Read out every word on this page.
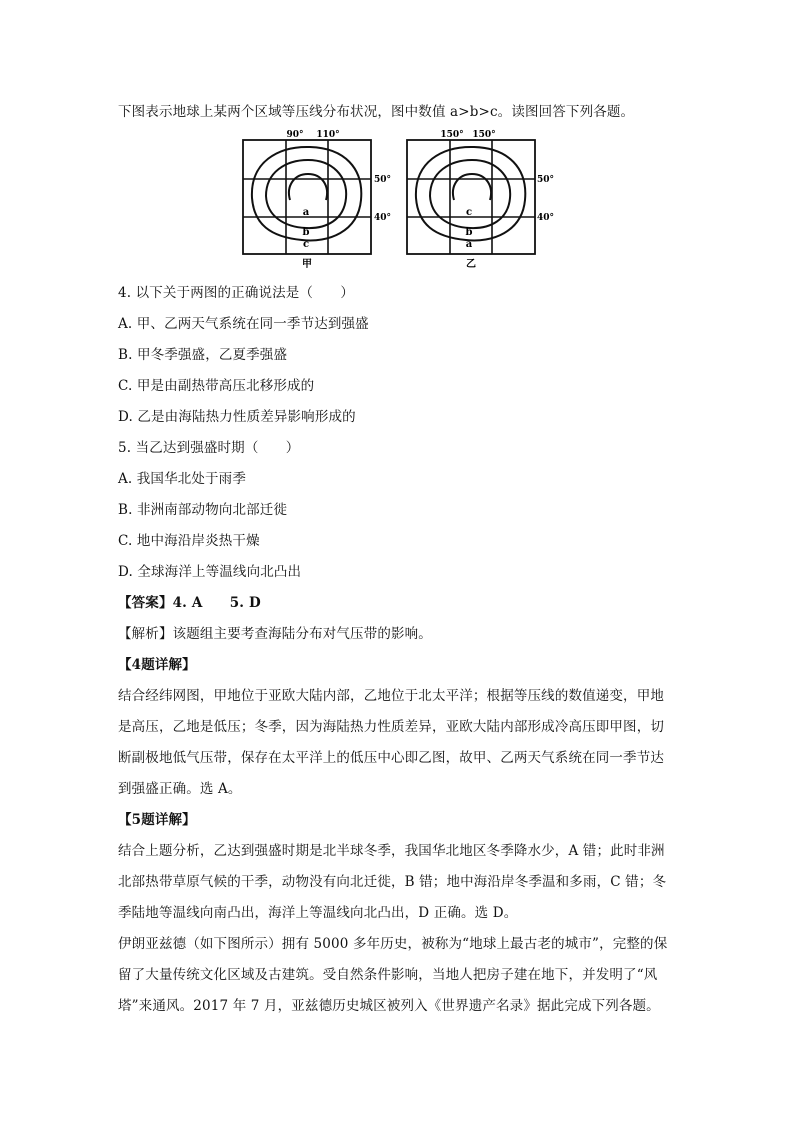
下图表示地球上某两个区域等压线分布状况，图中数值 a>b>c。读图回答下列各题。
90° 110°
50°
40°
a
b
c
甲
150° 150°
50°
40°
c
b
a
乙
4. 以下关于两图的正确说法是（　　）
A. 甲、乙两天气系统在同一季节达到强盛
B. 甲冬季强盛，乙夏季强盛
C. 甲是由副热带高压北移形成的
D. 乙是由海陆热力性质差异影响形成的
5. 当乙达到强盛时期（　　）
A. 我国华北处于雨季
B. 非洲南部动物向北部迁徙
C. 地中海沿岸炎热干燥
D. 全球海洋上等温线向北凸出
【答案】4. A　　5. D
【解析】该题组主要考查海陆分布对气压带的影响。
【4题详解】
结合经纬网图，甲地位于亚欧大陆内部，乙地位于北太平洋；根据等压线的数值递变，甲地
是高压，乙地是低压；冬季，因为海陆热力性质差异，亚欧大陆内部形成冷高压即甲图，切
断副极地低气压带，保存在太平洋上的低压中心即乙图，故甲、乙两天气系统在同一季节达
到强盛正确。选 A。
【5题详解】
结合上题分析，乙达到强盛时期是北半球冬季，我国华北地区冬季降水少，A 错；此时非洲
北部热带草原气候的干季，动物没有向北迁徙，B 错；地中海沿岸冬季温和多雨，C 错；冬
季陆地等温线向南凸出，海洋上等温线向北凸出，D 正确。选 D。
伊朗亚兹德（如下图所示）拥有 5000 多年历史，被称为“地球上最古老的城市”，完整的保
留了大量传统文化区域及古建筑。受自然条件影响，当地人把房子建在地下，并发明了“风
塔”来通风。2017 年 7 月，亚兹德历史城区被列入《世界遗产名录》据此完成下列各题。
